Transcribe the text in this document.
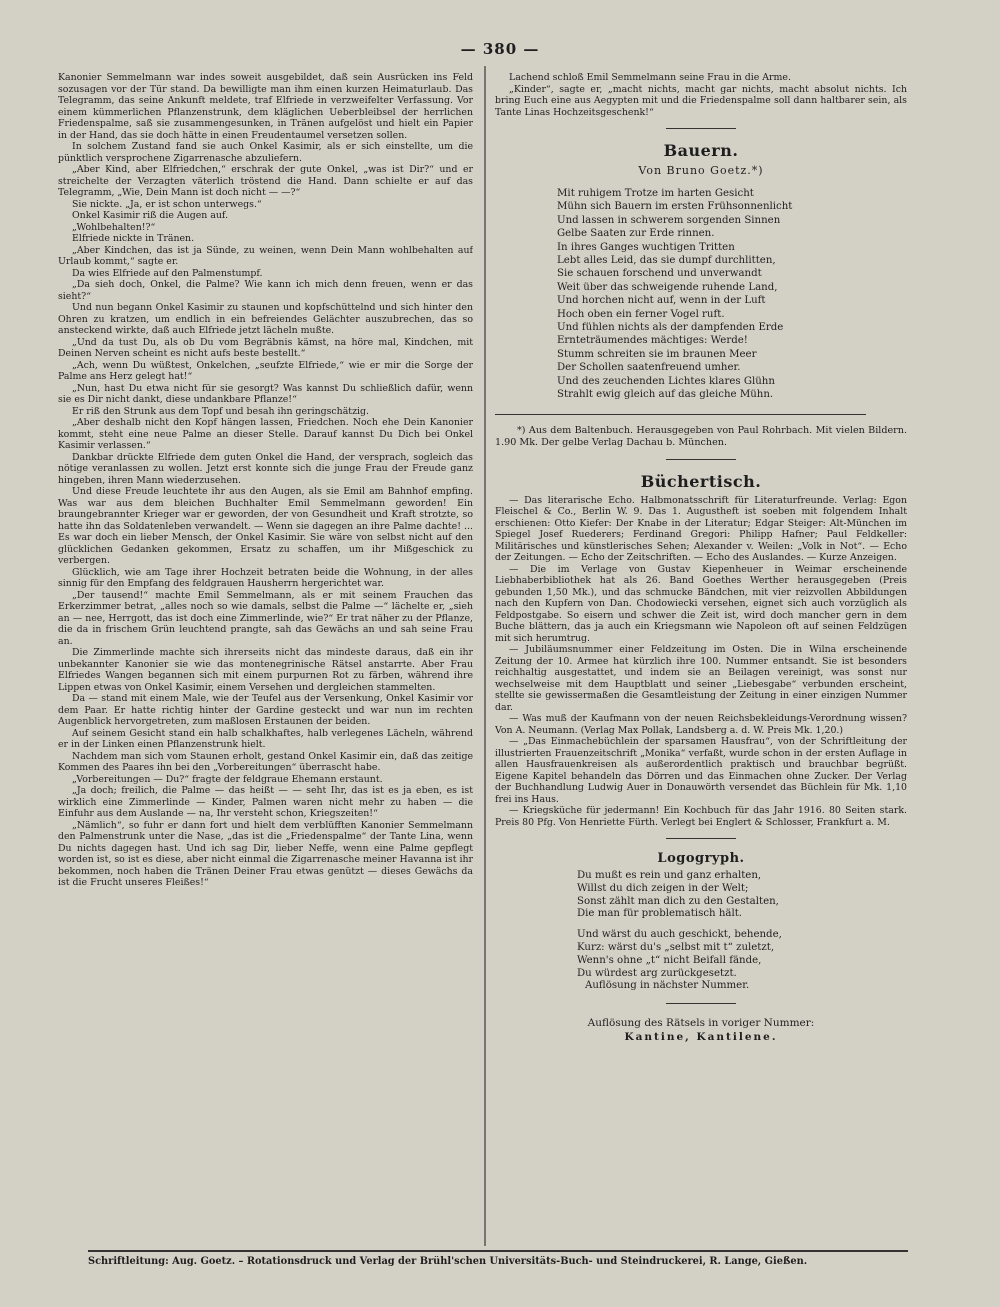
— 380 —

Kanonier Semmelmann war indes soweit ausgebildet, daß sein Ausrücken ins Feld sozusagen vor der Tür stand. Da bewilligte man ihm einen kurzen Heimaturlaub. Das Telegramm, das seine Ankunft meldete, traf Elfriede in verzweifelter Verfassung. Vor einem kümmerlichen Pflanzenstrunk, dem kläglichen Ueberbleibsel der herrlichen Friedenspalme, saß sie zusammengesunken, in Tränen aufgelöst und hielt ein Papier in der Hand, das sie doch hätte in einen Freudentaumel versetzen sollen.

In solchem Zustand fand sie auch Onkel Kasimir, als er sich einstellte, um die pünktlich versprochene Zigarrenasche abzuliefern.

„Aber Kind, aber Elfriedchen,“ erschrak der gute Onkel, „was ist Dir?“ und er streichelte der Verzagten väterlich tröstend die Hand. Dann schielte er auf das Telegramm, „Wie, Dein Mann ist doch nicht — —?“

Sie nickte. „Ja, er ist schon unterwegs.“

Onkel Kasimir riß die Augen auf.

„Wohlbehalten!?“

Elfriede nickte in Tränen.

„Aber Kindchen, das ist ja Sünde, zu weinen, wenn Dein Mann wohlbehalten auf Urlaub kommt,“ sagte er.

Da wies Elfriede auf den Palmenstumpf.

„Da sieh doch, Onkel, die Palme? Wie kann ich mich denn freuen, wenn er das sieht?“

Und nun begann Onkel Kasimir zu staunen und kopfschüttelnd und sich hinter den Ohren zu kratzen, um endlich in ein befreiendes Gelächter auszubrechen, das so ansteckend wirkte, daß auch Elfriede jetzt lächeln mußte.

„Und da tust Du, als ob Du vom Begräbnis kämst, na höre mal, Kindchen, mit Deinen Nerven scheint es nicht aufs beste bestellt.“

„Ach, wenn Du wüßtest, Onkelchen, „seufzte Elfriede,“ wie er mir die Sorge der Palme ans Herz gelegt hat!“

„Nun, hast Du etwa nicht für sie gesorgt? Was kannst Du schließlich dafür, wenn sie es Dir nicht dankt, diese undankbare Pflanze!“

Er riß den Strunk aus dem Topf und besah ihn geringschätzig.

„Aber deshalb nicht den Kopf hängen lassen, Friedchen. Noch ehe Dein Kanonier kommt, steht eine neue Palme an dieser Stelle. Darauf kannst Du Dich bei Onkel Kasimir verlassen.“

Dankbar drückte Elfriede dem guten Onkel die Hand, der versprach, sogleich das nötige veranlassen zu wollen. Jetzt erst konnte sich die junge Frau der Freude ganz hingeben, ihren Mann wiederzusehen.

Und diese Freude leuchtete ihr aus den Augen, als sie Emil am Bahnhof empfing. Was war aus dem bleichen Buchhalter Emil Semmelmann geworden! Ein braungebrannter Krieger war er geworden, der von Gesundheit und Kraft strotzte, so hatte ihn das Soldatenleben verwandelt. — Wenn sie dagegen an ihre Palme dachte! ... Es war doch ein lieber Mensch, der Onkel Kasimir. Sie wäre von selbst nicht auf den glücklichen Gedanken gekommen, Ersatz zu schaffen, um ihr Mißgeschick zu verbergen.

Glücklich, wie am Tage ihrer Hochzeit betraten beide die Wohnung, in der alles sinnig für den Empfang des feldgrauen Hausherrn hergerichtet war.

„Der tausend!“ machte Emil Semmelmann, als er mit seinem Frauchen das Erkerzimmer betrat, „alles noch so wie damals, selbst die Palme —“ lächelte er, „sieh an — nee, Herrgott, das ist doch eine Zimmerlinde, wie?“ Er trat näher zu der Pflanze, die da in frischem Grün leuchtend prangte, sah das Gewächs an und sah seine Frau an.

Die Zimmerlinde machte sich ihrerseits nicht das mindeste daraus, daß ein ihr unbekannter Kanonier sie wie das montenegrinische Rätsel anstarrte. Aber Frau Elfriedes Wangen begannen sich mit einem purpurnen Rot zu färben, während ihre Lippen etwas von Onkel Kasimir, einem Versehen und dergleichen stammelten.

Da — stand mit einem Male, wie der Teufel aus der Versenkung, Onkel Kasimir vor dem Paar. Er hatte richtig hinter der Gardine gesteckt und war nun im rechten Augenblick hervorgetreten, zum maßlosen Erstaunen der beiden.

Auf seinem Gesicht stand ein halb schalkhaftes, halb verlegenes Lächeln, während er in der Linken einen Pflanzenstrunk hielt.

Nachdem man sich vom Staunen erholt, gestand Onkel Kasimir ein, daß das zeitige Kommen des Paares ihn bei den „Vorbereitungen“ überrascht habe.

„Vorbereitungen — Du?“ fragte der feldgraue Ehemann erstaunt.

„Ja doch; freilich, die Palme — das heißt — — seht Ihr, das ist es ja eben, es ist wirklich eine Zimmerlinde — Kinder, Palmen waren nicht mehr zu haben — die Einfuhr aus dem Auslande — na, Ihr versteht schon, Kriegszeiten!“

„Nämlich“, so fuhr er dann fort und hielt dem verblüfften Kanonier Semmelmann den Palmenstrunk unter die Nase, „das ist die „Friedenspalme“ der Tante Lina, wenn Du nichts dagegen hast. Und ich sag Dir, lieber Neffe, wenn eine Palme gepflegt worden ist, so ist es diese, aber nicht einmal die Zigarrenasche meiner Havanna ist ihr bekommen, noch haben die Tränen Deiner Frau etwas genützt — dieses Gewächs da ist die Frucht unseres Fleißes!“

Lachend schloß Emil Semmelmann seine Frau in die Arme.

„Kinder“, sagte er, „macht nichts, macht gar nichts, macht absolut nichts. Ich bring Euch eine aus Aegypten mit und die Friedenspalme soll dann haltbarer sein, als Tante Linas Hochzeitsgeschenk!“

Bauern.
Von Bruno Goetz.*)
Mit ruhigem Trotze im harten Gesicht
Mühn sich Bauern im ersten Frühsonnenlicht
Und lassen in schwerem sorgenden Sinnen
Gelbe Saaten zur Erde rinnen.
In ihres Ganges wuchtigen Tritten
Lebt alles Leid, das sie dumpf durchlitten,
Sie schauen forschend und unverwandt
Weit über das schweigende ruhende Land,
Und horchen nicht auf, wenn in der Luft
Hoch oben ein ferner Vogel ruft.
Und fühlen nichts als der dampfenden Erde
Ernteträumendes mächtiges: Werde!
Stumm schreiten sie im braunen Meer
Der Schollen saatenfreuend umher.
Und des zeuchenden Lichtes klares Glühn
Strahlt ewig gleich auf das gleiche Mühn.

*) Aus dem Baltenbuch. Herausgegeben von Paul Rohrbach. Mit vielen Bildern. 1.90 Mk. Der gelbe Verlag Dachau b. München.

Büchertisch.

— Das literarische Echo. Halbmonatsschrift für Literaturfreunde. Verlag: Egon Fleischel & Co., Berlin W. 9. Das 1. Augustheft ist soeben mit folgendem Inhalt erschienen: Otto Kiefer: Der Knabe in der Literatur; Edgar Steiger: Alt-München im Spiegel Josef Ruederers; Ferdinand Gregori: Philipp Hafner; Paul Feldkeller: Militärisches und künstlerisches Sehen; Alexander v. Weilen: „Volk in Not“. — Echo der Zeitungen. — Echo der Zeitschriften. — Echo des Auslandes. — Kurze Anzeigen.

— Die im Verlage von Gustav Kiepenheuer in Weimar erscheinende Liebhaberbibliothek hat als 26. Band Goethes Werther herausgegeben (Preis gebunden 1,50 Mk.), und das schmucke Bändchen, mit vier reizvollen Abbildungen nach den Kupfern von Dan. Chodowiecki versehen, eignet sich auch vorzüglich als Feldpostgabe. So eisern und schwer die Zeit ist, wird doch mancher gern in dem Buche blättern, das ja auch ein Kriegsmann wie Napoleon oft auf seinen Feldzügen mit sich herumtrug.

— Jubiläumsnummer einer Feldzeitung im Osten. Die in Wilna erscheinende Zeitung der 10. Armee hat kürzlich ihre 100. Nummer entsandt. Sie ist besonders reichhaltig ausgestattet, und indem sie an Beilagen vereinigt, was sonst nur wechselweise mit dem Hauptblatt und seiner „Liebesgabe“ verbunden erscheint, stellte sie gewissermaßen die Gesamtleistung der Zeitung in einer einzigen Nummer dar.

— Was muß der Kaufmann von der neuen Reichsbekleidungs-Verordnung wissen? Von A. Neumann. (Verlag Max Pollak, Landsberg a. d. W. Preis Mk. 1,20.)

— „Das Einmachebüchlein der sparsamen Hausfrau“, von der Schriftleitung der illustrierten Frauenzeitschrift „Monika“ verfaßt, wurde schon in der ersten Auflage in allen Hausfrauenkreisen als außerordentlich praktisch und brauchbar begrüßt. Eigene Kapitel behandeln das Dörren und das Einmachen ohne Zucker. Der Verlag der Buchhandlung Ludwig Auer in Donauwörth versendet das Büchlein für Mk. 1,10 frei ins Haus.

— Kriegsküche für jedermann! Ein Kochbuch für das Jahr 1916. 80 Seiten stark. Preis 80 Pfg. Von Henriette Fürth. Verlegt bei Englert & Schlosser, Frankfurt a. M.

Logogryph.
Du mußt es rein und ganz erhalten,
Willst du dich zeigen in der Welt;
Sonst zählt man dich zu den Gestalten,
Die man für problematisch hält.
Und wärst du auch geschickt, behende,
Kurz: wärst du's „selbst mit t“ zuletzt,
Wenn's ohne „t“ nicht Beifall fände,
Du würdest arg zurückgesetzt.
Auflösung in nächster Nummer.
Auflösung des Rätsels in voriger Nummer:
Kantine, Kantilene.
Schriftleitung: Aug. Goetz. – Rotationsdruck und Verlag der Brühl'schen Universitäts-Buch- und Steindruckerei, R. Lange, Gießen.
